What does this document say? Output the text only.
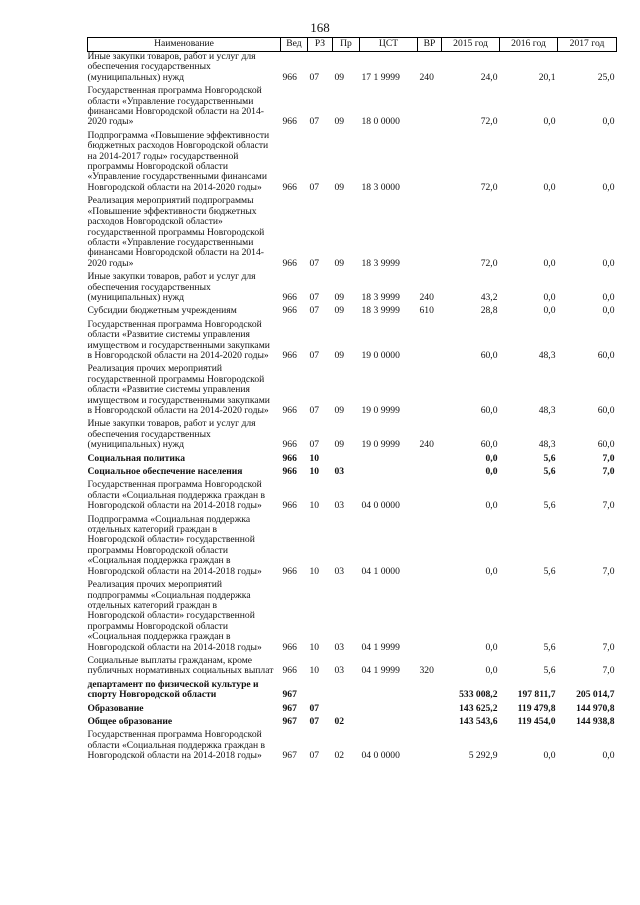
168
Наименование	Вед	РЗ	Пр	ЦСТ	ВР	2015 год	2016 год	2017 год
Иные закупки товаров, работ и услуг для обеспечения государственных (муниципальных) нужд	966	07	09	17 1 9999	240	24,0	20,1	25,0
Государственная программа Новгородской области «Управление государственными финансами Новгородской области на 2014-2020 годы»	966	07	09	18 0 0000		72,0	0,0	0,0
Подпрограмма «Повышение эффективности бюджетных расходов Новгородской области на 2014-2017 годы» государственной программы Новгородской области «Управление государственными финансами Новгородской области на 2014-2020 годы»	966	07	09	18 3 0000		72,0	0,0	0,0
Реализация мероприятий подпрограммы «Повышение эффективности бюджетных расходов Новгородской области» государственной программы Новгородской области «Управление государственными финансами Новгородской области на 2014-2020 годы»	966	07	09	18 3 9999		72,0	0,0	0,0
Иные закупки товаров, работ и услуг для обеспечения государственных (муниципальных) нужд	966	07	09	18 3 9999	240	43,2	0,0	0,0
Субсидии бюджетным учреждениям	966	07	09	18 3 9999	610	28,8	0,0	0,0
Государственная программа Новгородской области «Развитие системы управления имуществом и государственными закупками в Новгородской области на 2014-2020 годы»	966	07	09	19 0 0000		60,0	48,3	60,0
Реализация прочих мероприятий государственной программы Новгородской области «Развитие системы управления имуществом и государственными закупками в Новгородской области на 2014-2020 годы»	966	07	09	19 0 9999		60,0	48,3	60,0
Иные закупки товаров, работ и услуг для обеспечения государственных (муниципальных) нужд	966	07	09	19 0 9999	240	60,0	48,3	60,0
Социальная политика	966	10				0,0	5,6	7,0
Социальное обеспечение населения	966	10	03			0,0	5,6	7,0
Государственная программа Новгородской области «Социальная поддержка граждан в Новгородской области на 2014-2018 годы»	966	10	03	04 0 0000		0,0	5,6	7,0
Подпрограмма «Социальная поддержка отдельных категорий граждан в Новгородской области» государственной программы Новгородской области «Социальная поддержка граждан в Новгородской области на 2014-2018 годы»	966	10	03	04 1 0000		0,0	5,6	7,0
Реализация прочих мероприятий подпрограммы «Социальная поддержка отдельных категорий граждан в Новгородской области» государственной программы Новгородской области «Социальная поддержка граждан в Новгородской области на 2014-2018 годы»	966	10	03	04 1 9999		0,0	5,6	7,0
Социальные выплаты гражданам, кроме публичных нормативных социальных выплат	966	10	03	04 1 9999	320	0,0	5,6	7,0
департамент по физической культуре и спорту Новгородской области	967					533 008,2	197 811,7	205 014,7
Образование	967	07				143 625,2	119 479,8	144 970,8
Общее образование	967	07	02			143 543,6	119 454,0	144 938,8
Государственная программа Новгородской области «Социальная поддержка граждан в Новгородской области на 2014-2018 годы»	967	07	02	04 0 0000		5 292,9	0,0	0,0
